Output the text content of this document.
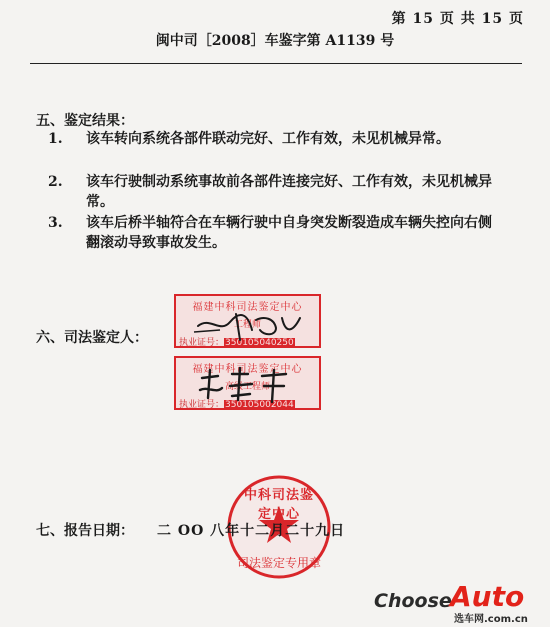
第 15 页 共 15 页
闽中司［2008］车鉴字第 A1139 号
五、鉴定结果：
1.	该车转向系统各部件联动完好、工作有效，未见机械异常。
2.	该车行驶制动系统事故前各部件连接完好、工作有效，未见机械异常。
3.	该车后桥半轴符合在车辆行驶中自身突发断裂造成车辆失控向右侧翻滚动导致事故发生。
六、司法鉴定人：
福建中科司法鉴定中心
工程师
执业证号：350105040250
福建中科司法鉴定中心
高级工程师
执业证号：350105002044
中科司法鉴定中心
司法鉴定专用章
七、报告日期： 二 OO 八年十二月二十九日
Choose
Auto
选车网.com.cn
